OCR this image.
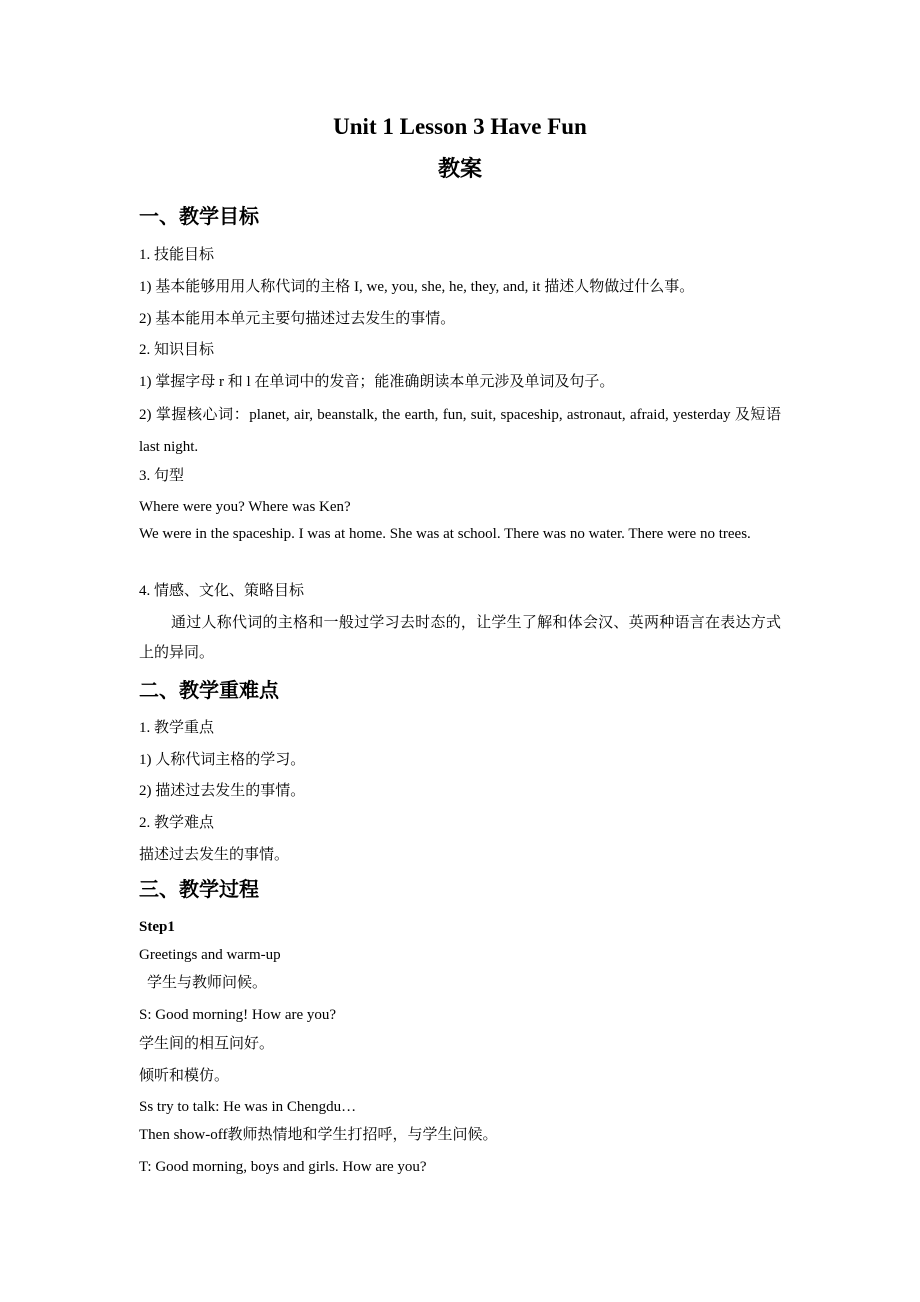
Unit 1 Lesson 3 Have Fun
教案
一、教学目标
1. 技能目标
1) 基本能够用用人称代词的主格 I, we, you, she, he, they, and, it 描述人物做过什么事。
2) 基本能用本单元主要句描述过去发生的事情。
2. 知识目标
1) 掌握字母 r 和 l 在单词中的发音；能准确朗读本单元涉及单词及句子。
2) 掌握核心词：planet, air, beanstalk, the earth, fun, suit, spaceship, astronaut, afraid, yesterday 及短语 last night.
3. 句型
Where were you? Where was Ken?
We were in the spaceship. I was at home. She was at school. There was no water. There were no trees.
4. 情感、文化、策略目标
通过人称代词的主格和一般过学习去时态的，让学生了解和体会汉、英两种语言在表达方式上的异同。
二、教学重难点
1. 教学重点
1) 人称代词主格的学习。
2) 描述过去发生的事情。
2. 教学难点
描述过去发生的事情。
三、教学过程
Step1
Greetings and warm-up
学生与教师问候。
S: Good morning! How are you?
学生间的相互问好。
倾听和模仿。
Ss try to talk: He was in Chengdu…
Then show-off教师热情地和学生打招呼，与学生问候。
T: Good morning, boys and girls. How are you?
